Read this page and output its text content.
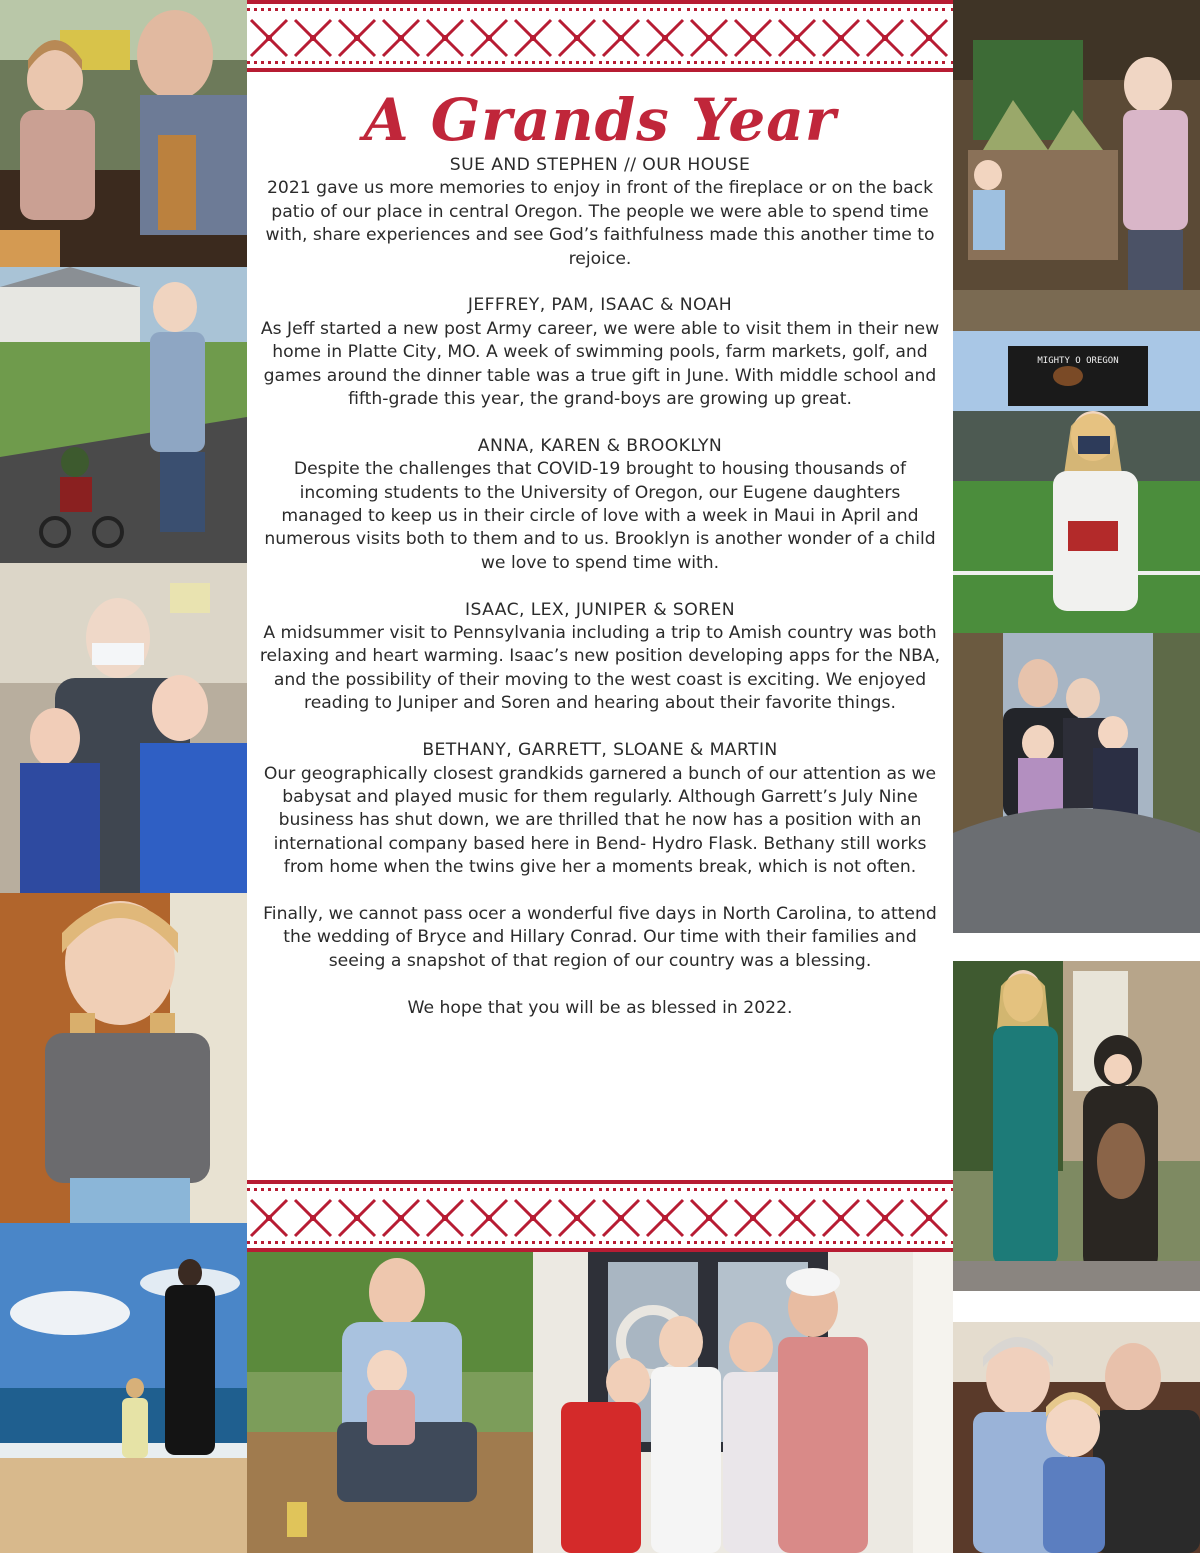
MIGHTY O OREGON
A Grands Year

SUE AND STEPHEN // OUR HOUSE

2021 gave us more memories to enjoy in front of the fireplace or on the back patio of our place in central Oregon. The people we were able to spend time with, share experiences and see God’s faithfulness made this another time to rejoice.

JEFFREY, PAM, ISAAC & NOAH

As Jeff started a new post Army career, we were able to visit them in their new home in Platte City, MO. A week of swimming pools, farm markets, golf, and games around the dinner table was a true gift in June. With middle school and fifth-grade this year, the grand-boys are growing up great.

ANNA, KAREN & BROOKLYN

Despite the challenges that COVID-19 brought to housing thousands of incoming students to the University of Oregon, our Eugene daughters managed to keep us in their circle of love with a week in Maui in April and numerous visits both to them and to us. Brooklyn is another wonder of a child we love to spend time with.

ISAAC, LEX, JUNIPER & SOREN

A midsummer visit to Pennsylvania including a trip to Amish country was both relaxing and heart warming. Isaac’s new position developing apps for the NBA, and the possibility of their moving to the west coast is exciting. We enjoyed reading to Juniper and Soren and hearing about their favorite things.

BETHANY, GARRETT, SLOANE & MARTIN

Our geographically closest grandkids garnered a bunch of our attention as we babysat and played music for them regularly. Although Garrett’s July Nine business has shut down, we are thrilled that he now has a position with an international company based here in Bend- Hydro Flask. Bethany still works from home when the twins give her a moments break, which is not often.

Finally, we cannot pass ocer a wonderful five days in North Carolina, to attend the wedding of Bryce and Hillary Conrad. Our time with their families and seeing a snapshot of that region of our country was a blessing.

We hope that you will be as blessed in 2022.
